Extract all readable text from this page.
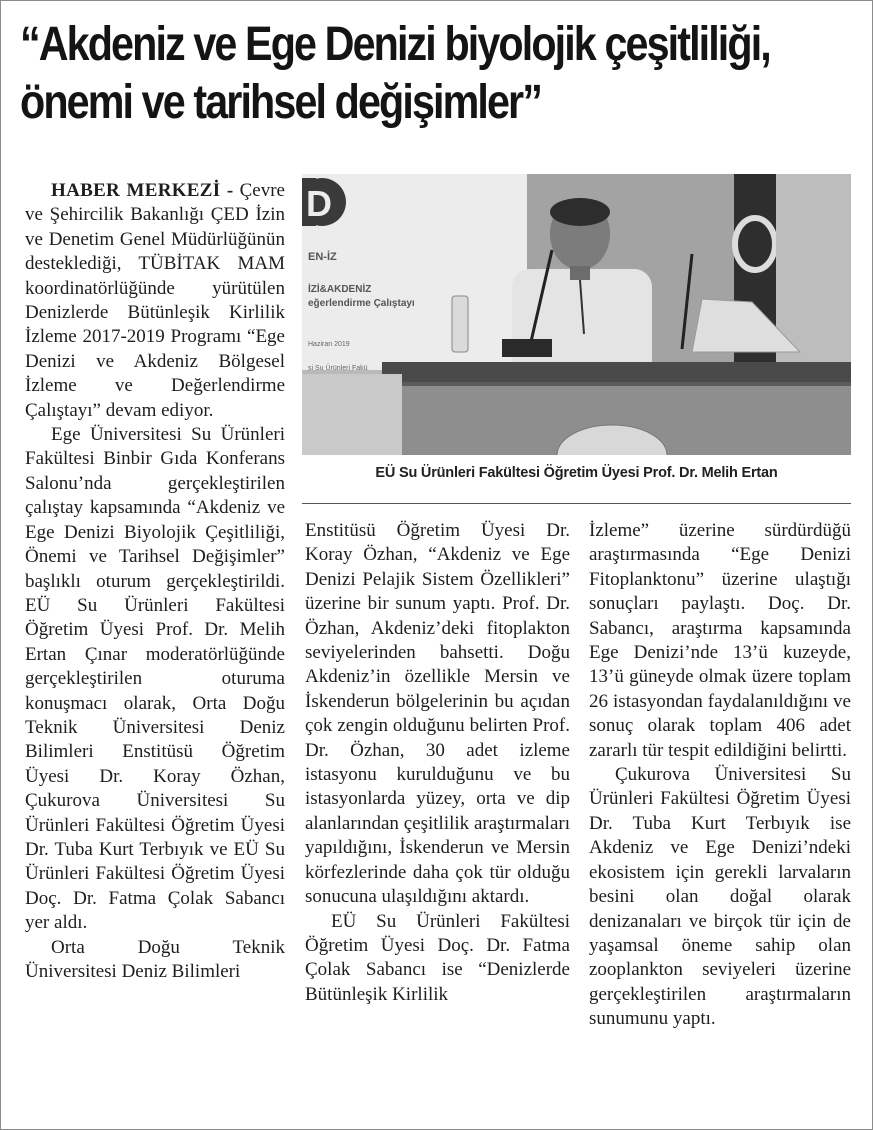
“Akdeniz ve Ege Denizi biyolojik çeşitliliği,
önemi ve tarihsel değişimler”

HABER MERKEZİ - Çevre ve Şehircilik Bakanlığı ÇED İzin ve Denetim Genel Müdürlüğünün desteklediği, TÜBİTAK MAM koordinatörlüğünde yürütülen Denizlerde Bütünleşik Kirlilik İzleme 2017-2019 Programı “Ege Denizi ve Akdeniz Bölgesel İzleme ve Değerlendirme Çalıştayı” devam ediyor.

Ege Üniversitesi Su Ürünleri Fakültesi Binbir Gıda Konferans Salonu’nda gerçekleştirilen çalıştay kapsamında “Akdeniz ve Ege Denizi Biyolojik Çeşitliliği, Önemi ve Tarihsel Değişimler” başlıklı oturum gerçekleştirildi. EÜ Su Ürünleri Fakültesi Öğretim Üyesi Prof. Dr. Melih Ertan Çınar moderatörlüğünde gerçekleştirilen oturuma konuşmacı olarak, Orta Doğu Teknik Üniversitesi Deniz Bilimleri Enstitüsü Öğretim Üyesi Dr. Koray Özhan, Çukurova Üniversitesi Su Ürünleri Fakültesi Öğretim Üyesi Dr. Tuba Kurt Terbıyık ve EÜ Su Ürünleri Fakültesi Öğretim Üyesi Doç. Dr. Fatma Çolak Sabancı yer aldı.

Orta Doğu Teknik Üniversitesi Deniz Bilimleri

D
EN-İZ
İZİ&AKDENİZ
eğerlendirme Çalıştayı
Haziran 2019
si Su Ürünleri Fakü
EÜ Su Ürünleri Fakültesi Öğretim Üyesi Prof. Dr. Melih Ertan

Enstitüsü Öğretim Üyesi Dr. Koray Özhan, “Akdeniz ve Ege Denizi Pelajik Sistem Özellikleri” üzerine bir sunum yaptı. Prof. Dr. Özhan, Akdeniz’deki fitoplakton seviyelerinden bahsetti. Doğu Akdeniz’in özellikle Mersin ve İskenderun bölgelerinin bu açıdan çok zengin olduğunu belirten Prof. Dr. Özhan, 30 adet izleme istasyonu kurulduğunu ve bu istasyonlarda yüzey, orta ve dip alanlarından çeşitlilik araştırmaları yapıldığını, İskenderun ve Mersin körfezlerinde daha çok tür olduğu sonucuna ulaşıldığını aktardı.

EÜ Su Ürünleri Fakültesi Öğretim Üyesi Doç. Dr. Fatma Çolak Sabancı ise “Denizlerde Bütünleşik Kirlilik

İzleme” üzerine sürdürdüğü araştırmasında “Ege Denizi Fitoplanktonu” üzerine ulaştığı sonuçları paylaştı. Doç. Dr. Sabancı, araştırma kapsamında Ege Denizi’nde 13’ü kuzeyde, 13’ü güneyde olmak üzere toplam 26 istasyondan faydalanıldığını ve sonuç olarak toplam 406 adet zararlı tür tespit edildiğini belirtti.

Çukurova Üniversitesi Su Ürünleri Fakültesi Öğretim Üyesi Dr. Tuba Kurt Terbıyık ise Akdeniz ve Ege Denizi’ndeki ekosistem için gerekli larvaların besini olan doğal olarak denizanaları ve birçok tür için de yaşamsal öneme sahip olan zooplankton seviyeleri üzerine gerçekleştirilen araştırmaların sunumunu yaptı.
